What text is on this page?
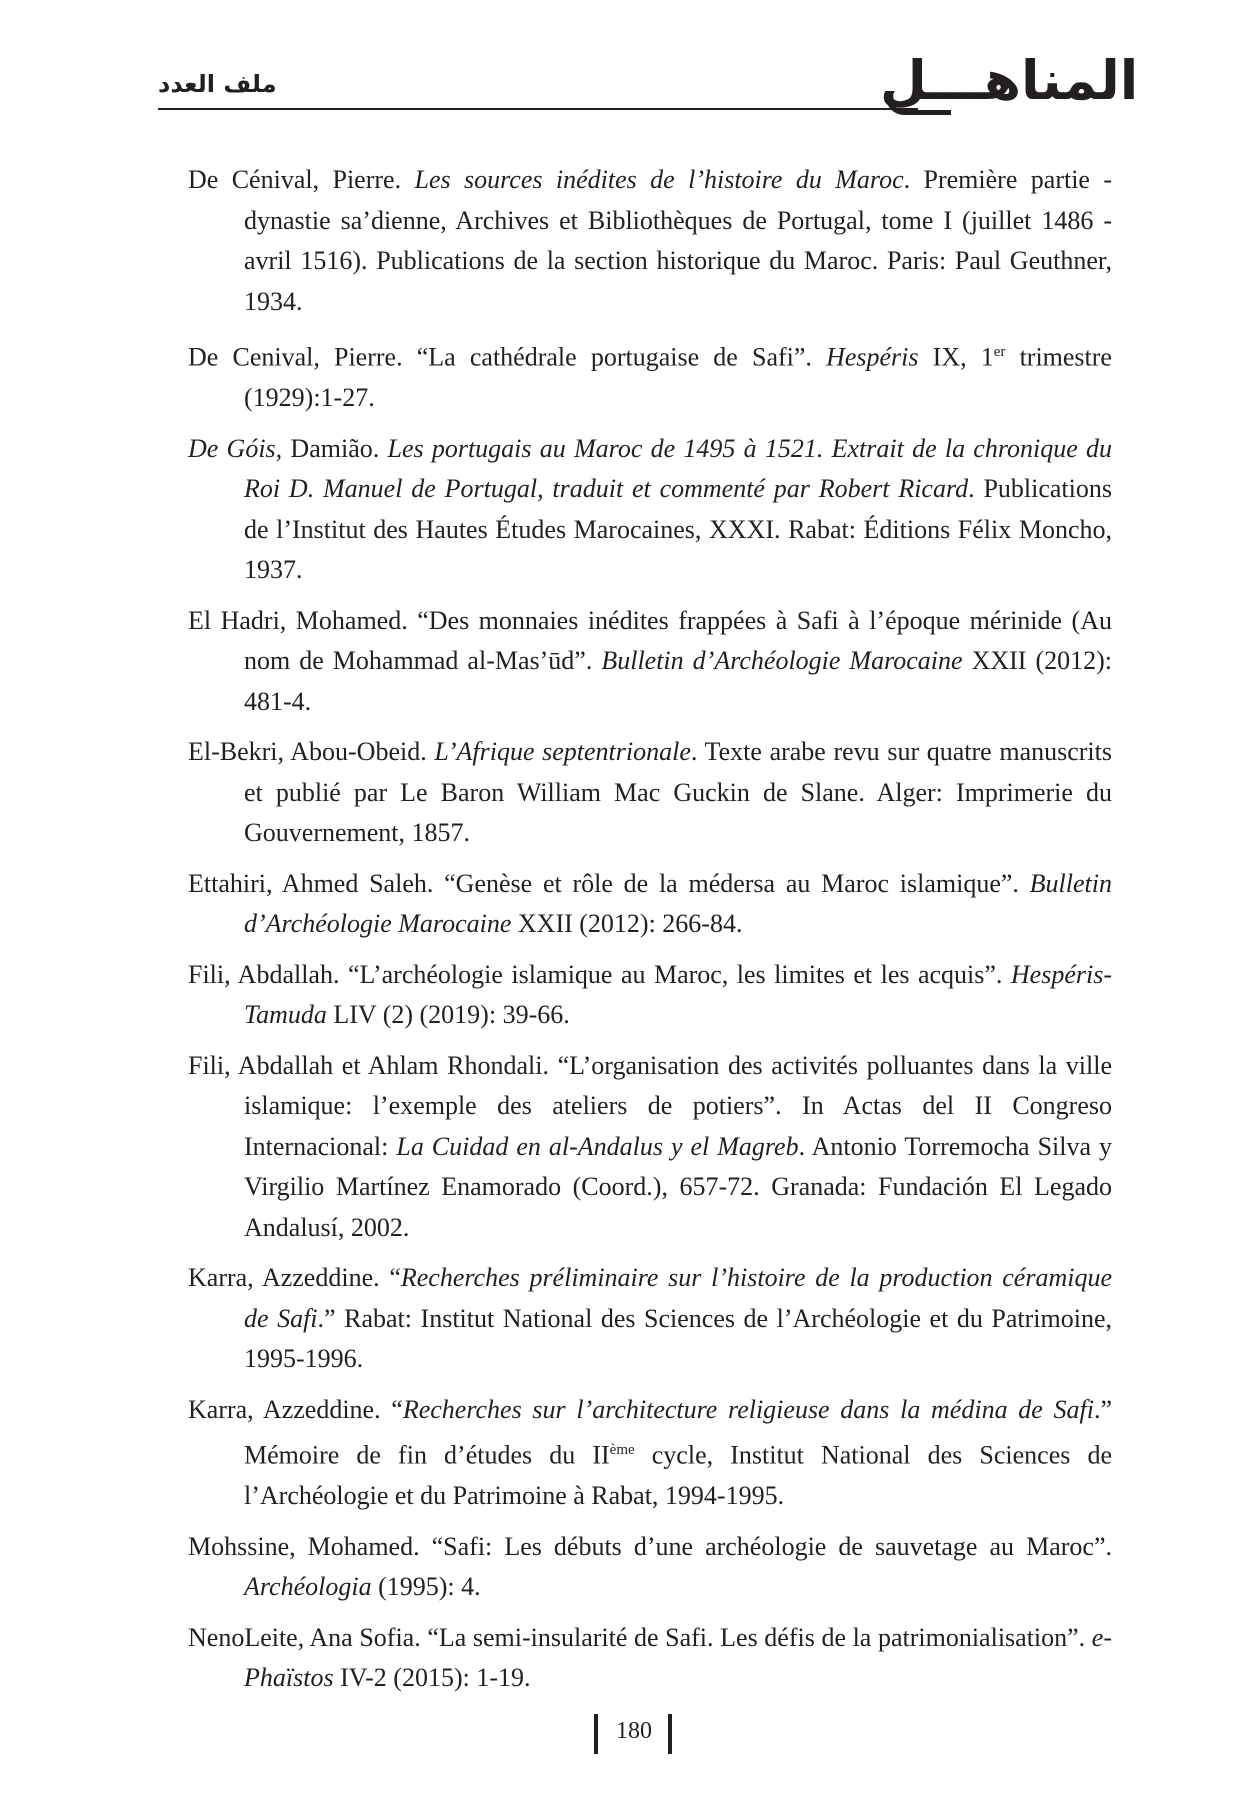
المناهـــل
ملف العدد

De Cénival, Pierre. Les sources inédites de l’histoire du Maroc. Première partie - dynastie sa’dienne, Archives et Bibliothèques de Portugal, tome I (juillet 1486 - avril 1516). Publications de la section historique du Maroc. Paris: Paul Geuthner, 1934.

De Cenival, Pierre. “La cathédrale portugaise de Safi”. Hespéris IX, 1er trimestre (1929):1-27.

De Góis, Damião. Les portugais au Maroc de 1495 à 1521. Extrait de la chronique du Roi D. Manuel de Portugal, traduit et commenté par Robert Ricard. Publications de l’Institut des Hautes Études Marocaines, XXXI. Rabat: Éditions Félix Moncho, 1937.

El Hadri, Mohamed. “Des monnaies inédites frappées à Safi à l’époque mérinide (Au nom de Mohammad al-Mas’ūd”. Bulletin d’Archéologie Marocaine XXII (2012): 481-4.

El-Bekri, Abou-Obeid. L’Afrique septentrionale. Texte arabe revu sur quatre manuscrits et publié par Le Baron William Mac Guckin de Slane. Alger: Imprimerie du Gouvernement, 1857.

Ettahiri, Ahmed Saleh. “Genèse et rôle de la médersa au Maroc islamique”. Bulletin d’Archéologie Marocaine XXII (2012): 266-84.

Fili, Abdallah. “L’archéologie islamique au Maroc, les limites et les acquis”. Hespéris-Tamuda LIV (2) (2019): 39-66.

Fili, Abdallah et Ahlam Rhondali. “L’organisation des activités polluantes dans la ville islamique: l’exemple des ateliers de potiers”. In Actas del II Congreso Internacional: La Cuidad en al-Andalus y el Magreb. Antonio Torremocha Silva y Virgilio Martínez Enamorado (Coord.), 657-72. Granada: Fundación El Legado Andalusí, 2002.

Karra, Azzeddine. “Recherches préliminaire sur l’histoire de la production céramique de Safi.” Rabat: Institut National des Sciences de l’Archéologie et du Patrimoine, 1995-1996.

Karra, Azzeddine. “Recherches sur l’architecture religieuse dans la médina de Safi.” Mémoire de fin d’études du IIème cycle, Institut National des Sciences de l’Archéologie et du Patrimoine à Rabat, 1994-1995.

Mohssine, Mohamed. “Safi: Les débuts d’une archéologie de sauvetage au Maroc”. Archéologia (1995): 4.

NenoLeite, Ana Sofia. “La semi-insularité de Safi. Les défis de la patrimonialisation”. e-Phaïstos IV-2 (2015): 1-19.

180
